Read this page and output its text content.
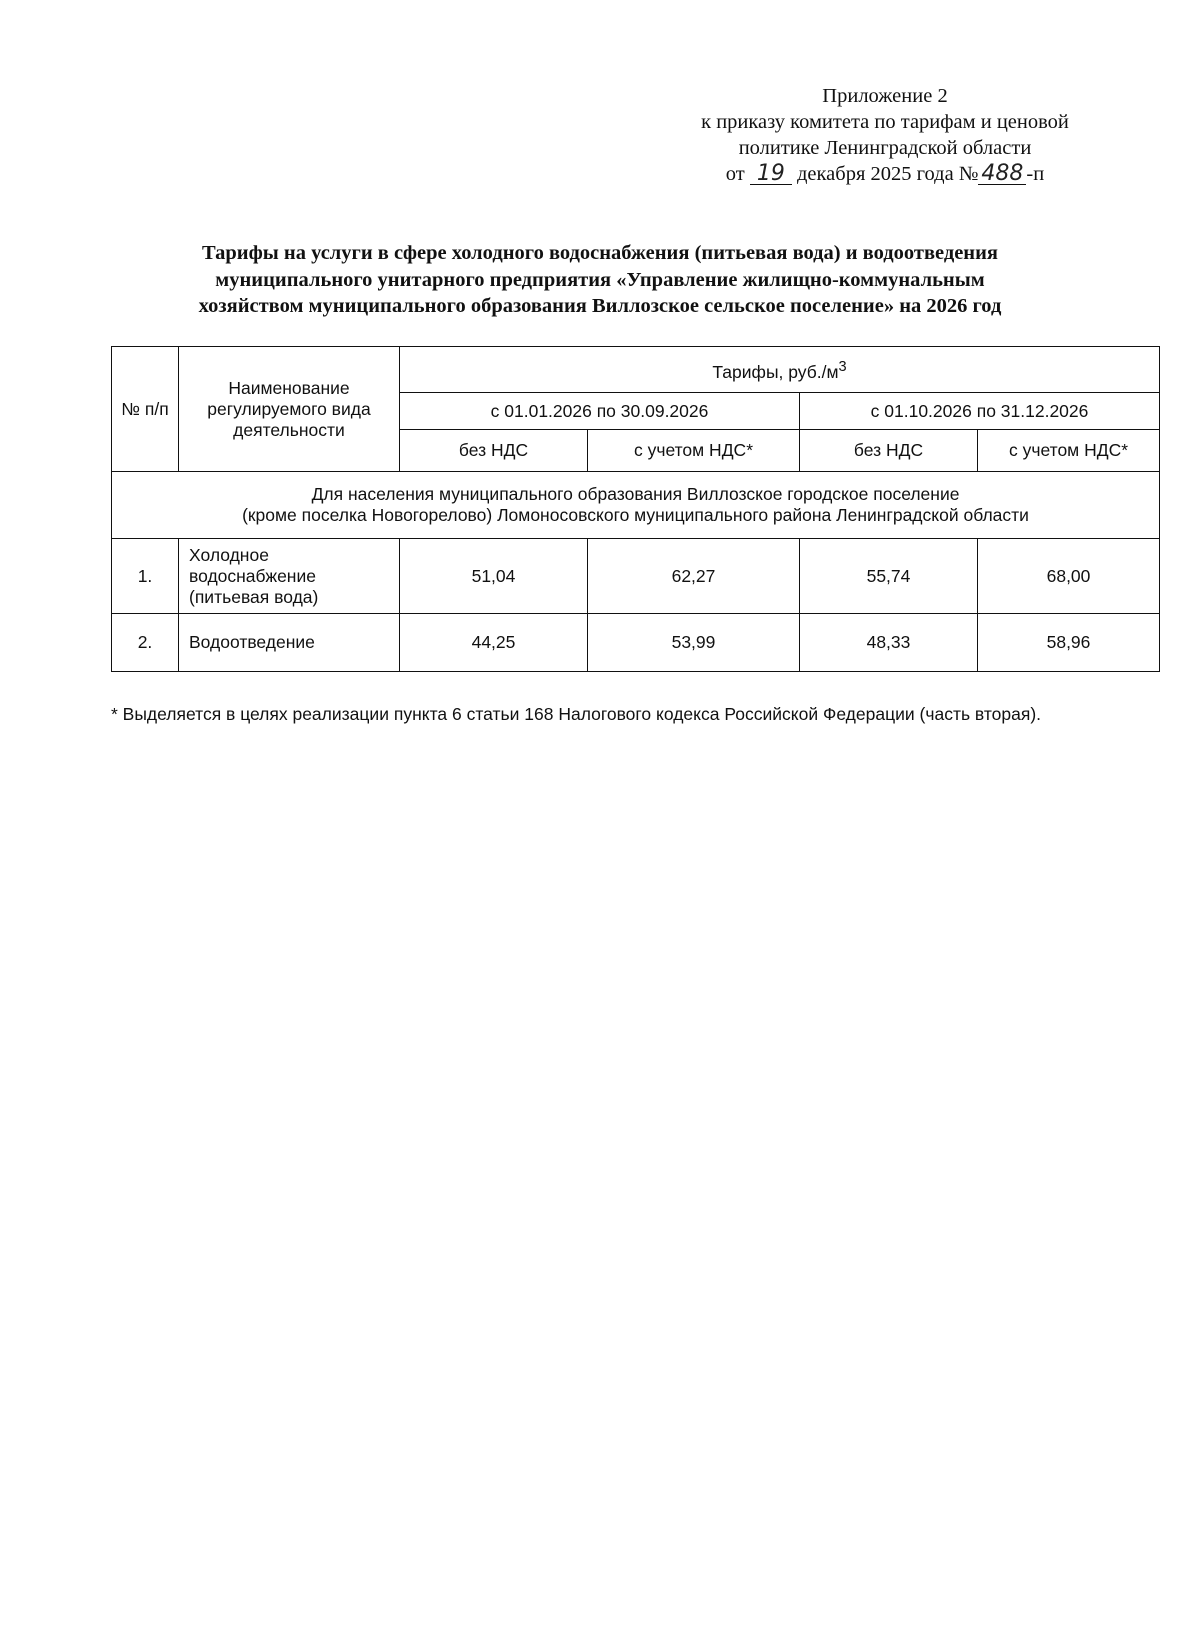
Приложение 2
к приказу комитета по тарифам и ценовой
политике Ленинградской области
от 19 декабря 2025 года № 488 -п
Тарифы на услуги в сфере холодного водоснабжения (питьевая вода) и водоотведения
муниципального унитарного предприятия «Управление жилищно-коммунальным
хозяйством муниципального образования Виллозское сельское поселение» на 2026 год
№ п/п	Наименование регулируемого вида деятельности	Тарифы, $руб./м^3$
		с 01.01.2026 по 30.09.2026		с 01.10.2026 по 31.12.2026	
		без НДС	с учетом НДС*	без НДС	с учетом НДС*

Для населения муниципального образования Виллозское городское поселение
(кроме поселка Новогорелово) Ломоносовского муниципального района Ленинградской области					

1.	Холодное водоснабжение (питьевая вода)	51,04	62,27	55,74	68,00
2.	Водоотведение	44,25	53,99	48,33	58,96
* Выделяется в целях реализации пункта 6 статьи 168 Налогового кодекса Российской Федерации (часть вторая).
